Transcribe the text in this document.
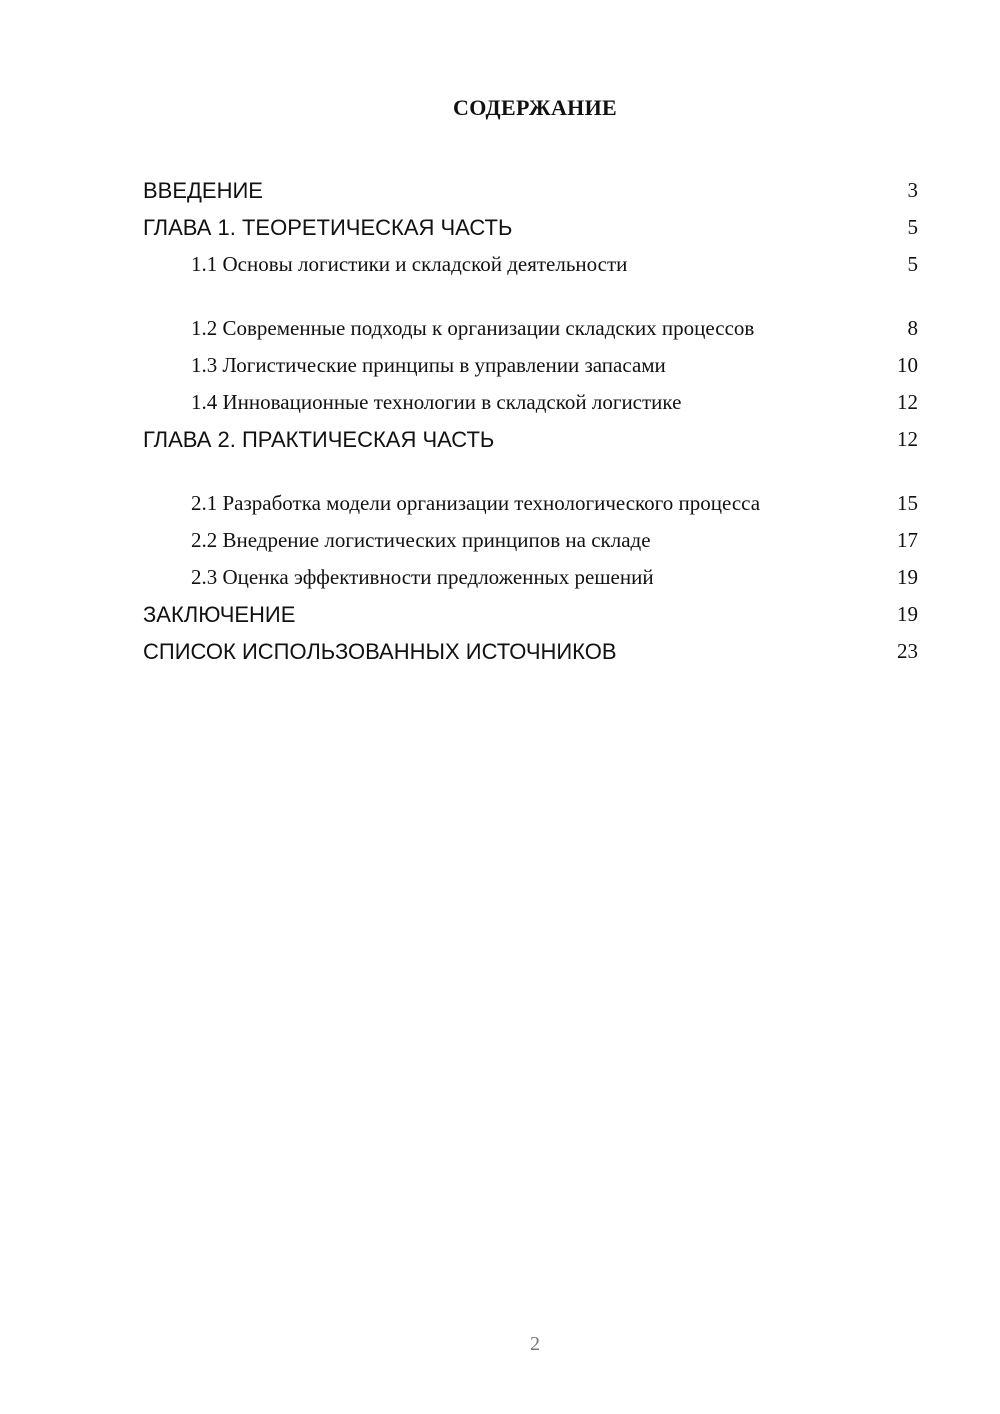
СОДЕРЖАНИЕ
ВВЕДЕНИЕ	3
ГЛАВА 1. ТЕОРЕТИЧЕСКАЯ ЧАСТЬ	5
1.1 Основы логистики и складской деятельности	5
1.2 Современные подходы к организации складских процессов	8
1.3 Логистические принципы в управлении запасами	10
1.4 Инновационные технологии в складской логистике	12
ГЛАВА 2. ПРАКТИЧЕСКАЯ ЧАСТЬ	12
2.1 Разработка модели организации технологического процесса	15
2.2 Внедрение логистических принципов на складе	17
2.3 Оценка эффективности предложенных решений	19
ЗАКЛЮЧЕНИЕ	19
СПИСОК ИСПОЛЬЗОВАННЫХ ИСТОЧНИКОВ	23
2
